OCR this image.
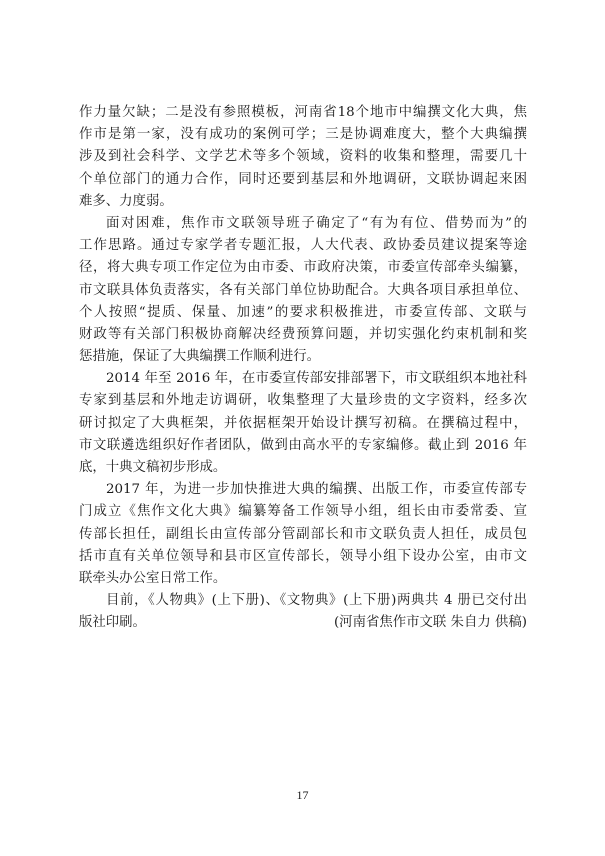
作力量欠缺；二是没有参照模板，河南省18个地市中编撰文化大典，焦
作市是第一家，没有成功的案例可学；三是协调难度大，整个大典编撰
涉及到社会科学、文学艺术等多个领域，资料的收集和整理，需要几十
个单位部门的通力合作，同时还要到基层和外地调研，文联协调起来困
难多、力度弱。
面对困难，焦作市文联领导班子确定了“有为有位、借势而为”的
工作思路。通过专家学者专题汇报，人大代表、政协委员建议提案等途
径，将大典专项工作定位为由市委、市政府决策，市委宣传部牵头编纂，
市文联具体负责落实，各有关部门单位协助配合。大典各项目承担单位、
个人按照“提质、保量、加速”的要求积极推进，市委宣传部、文联与
财政等有关部门积极协商解决经费预算问题，并切实强化约束机制和奖
惩措施，保证了大典编撰工作顺利进行。
2014 年至 2016 年，在市委宣传部安排部署下，市文联组织本地社科
专家到基层和外地走访调研，收集整理了大量珍贵的文字资料，经多次
研讨拟定了大典框架，并依据框架开始设计撰写初稿。在撰稿过程中，
市文联遴选组织好作者团队，做到由高水平的专家编修。截止到 2016 年
底，十典文稿初步形成。
2017 年，为进一步加快推进大典的编撰、出版工作，市委宣传部专
门成立《焦作文化大典》编纂筹备工作领导小组，组长由市委常委、宣
传部长担任，副组长由宣传部分管副部长和市文联负责人担任，成员包
括市直有关单位领导和县市区宣传部长，领导小组下设办公室，由市文
联牵头办公室日常工作。
目前，《人物典》(上下册)、《文物典》(上下册)两典共 4 册已交付出
版社印刷。	(河南省焦作市文联 朱自力 供稿)
17
